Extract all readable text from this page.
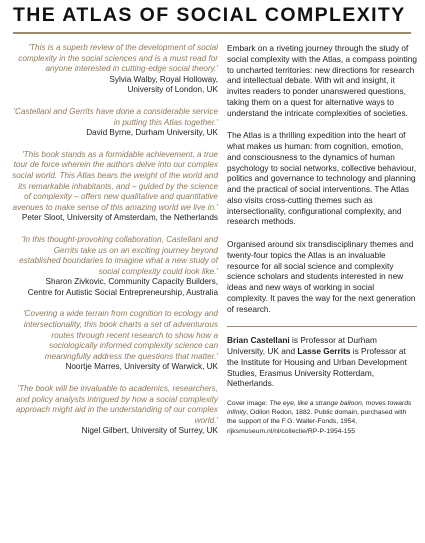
THE ATLAS OF SOCIAL COMPLEXITY

'This is a superb review of the development of social complexity in the social sciences and is a must read for anyone interested in cutting-edge social theory.'

Sylvia Walby, Royal Holloway,

University of London, UK

'Castellani and Gerrits have done a considerable service in putting this Atlas together.'

David Byrne, Durham University, UK

'This book stands as a formidable achievement, a true tour de force wherein the authors delve into our complex social world. This Atlas bears the weight of the world and its remarkable inhabitants, and – guided by the science of complexity – offers new qualitative and quantitative avenues to make sense of this amazing world we live in.'

Peter Sloot, University of Amsterdam, the Netherlands

'In this thought-provoking collaboration, Castellani and Gerrits take us on an exciting journey beyond established boundaries to imagine what a new study of social complexity could look like.'

Sharon Zivkovic, Community Capacity Builders,

Centre for Autistic Social Entrepreneurship, Australia

'Covering a wide terrain from cognition to ecology and intersectionality, this book charts a set of adventurous routes through recent research to show how a sociologically informed complexity science can meaningfully address the questions that matter.'

Noortje Marres, University of Warwick, UK

'The book will be invaluable to academics, researchers, and policy analysts intrigued by how a social complexity approach might aid in the understanding of our complex world.'

Nigel Gilbert, University of Surrey, UK

Embark on a riveting journey through the study of social complexity with the Atlas, a compass pointing to uncharted territories: new directions for research and intellectual debate. With wit and insight, it invites readers to ponder unanswered questions, taking them on a quest for alternative ways to understand the intricate complexities of societies.

The Atlas is a thrilling expedition into the heart of what makes us human: from cognition, emotion, and consciousness to the dynamics of human psychology to social networks, collective behaviour, politics and governance to technology and planning and the practical of social interventions. The Atlas also visits cross-cutting themes such as intersectionality, configurational complexity, and research methods.

Organised around six transdisciplinary themes and twenty-four topics the Atlas is an invaluable resource for all social science and complexity science scholars and students interested in new ideas and new ways of working in social complexity. It paves the way for the next generation of research.

Brian Castellani is Professor at Durham University, UK and Lasse Gerrits is Professor at the Institute for Housing and Urban Development Studies, Erasmus University Rotterdam, Netherlands.

Cover image: The eye, like a strange balloon, moves towards infinity, Odilon Redon, 1882. Public domain, purchased with the support of the F.G. Waller-Fonds, 1954, rijksmuseum.nl/nl/collectie/RP-P-1954-155
